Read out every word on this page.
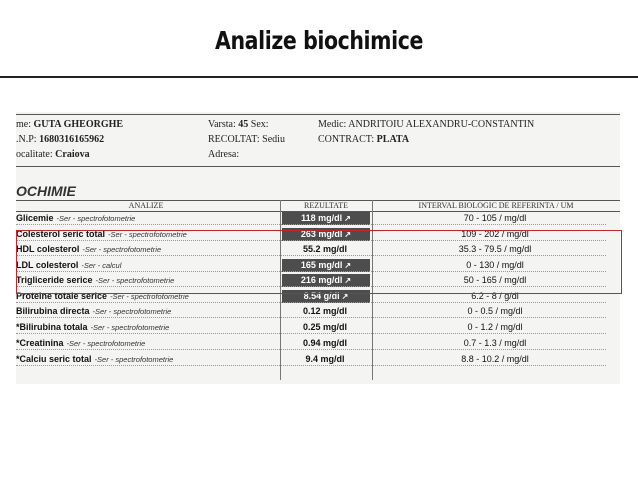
Analize biochimice
me: GUTA GHEORGHE
.N.P: 1680316165962
ocalitate: Craiova
Varsta: 45 Sex:
RECOLTAT: Sediu
Adresa:
Medic: ANDRITOIU ALEXANDRU-CONSTANTIN
CONTRACT: PLATA
OCHIMIE
ANALIZE	REZULTATE	INTERVAL BIOLOGIC DE REFERINTA / UM
Glicemie -Ser - spectrofotometrie	118 mg/dl ↗	70 - 105 / mg/dl
Colesterol seric total -Ser - spectrofotometrie	263 mg/dl ↗	109 - 202 / mg/dl
HDL colesterol -Ser - spectrofotometrie	55.2 mg/dl	35.3 - 79.5 / mg/dl
LDL colesterol -Ser - calcul	165 mg/dl ↗	0 - 130 / mg/dl
Trigliceride serice -Ser - spectrofotometrie	216 mg/dl ↗	50 - 165 / mg/dl
Proteine totale serice -Ser - spectrofotometrie	8.54 g/dl ↗	6.2 - 8 / g/dl
Bilirubina directa -Ser - spectrofotometrie	0.12 mg/dl	0 - 0.5 / mg/dl
*Bilirubina totala -Ser - spectrofotometrie	0.25 mg/dl	0 - 1.2 / mg/dl
*Creatinina -Ser - spectrofotometrie	0.94 mg/dl	0.7 - 1.3 / mg/dl
*Calciu seric total -Ser - spectrofotometrie	9.4 mg/dl	8.8 - 10.2 / mg/dl
